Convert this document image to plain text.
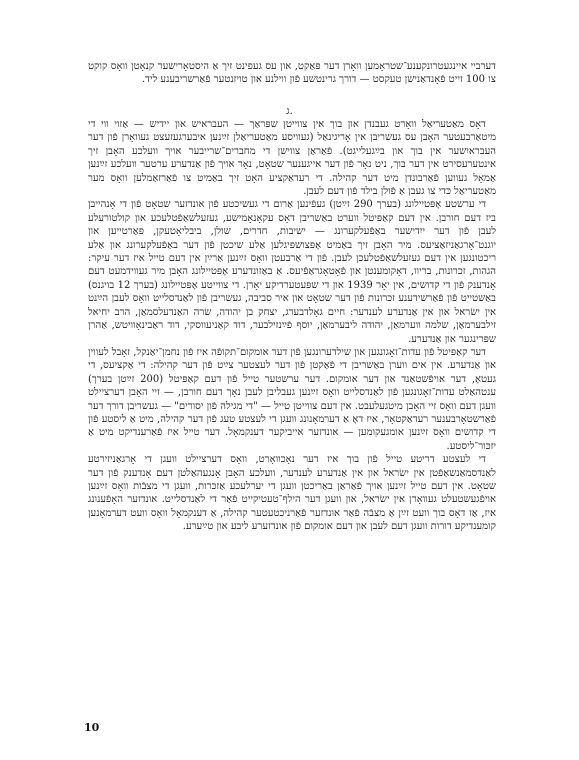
דערביי איינגעטרונקענע־שטראָמען וואָרן דער פּאַקט, און עס געפינט זיך אַ היסטאָרישער קנאָטן וואָס קוקט צו 100 זייט פֿאָנדאַנישן טעקסט — דורך גרינטשע פֿון ווילנע און טויזנטער פֿאַרשריבענע ליד.

ג.

דאָס מאַטעריאַל וואָרט געבנדן און בוך אין צווייטן שפּראַך — העבראיש און יידיש — אַזוי ווי די מיטאַרבעטער האָבן עס געשריבן אין אָריגינאַל (געוויסע מאַטעריאַלן זײַנען איבערגעזעצט געוואָרן פֿון דער העבראיִשער אין בוך און בײַגעלייגט). פֿאַראַן צווישן די מחברים־שרייבער אויך וועלכע האָבן זיך אינטערעסירט אין דער בוך, ניט נאָר פֿון דער אייגענער שטאָט, נאָר אויך פֿון אַנדערע ערטער וועלכע זײַנען אַמאָל געווען פֿאַרבונדן מיט דער קהילה. די רעדאַקציע האָט זיך באַמיט צו פֿאַרזאַמלען וואָס מער מאַטעריאַל כּדי צו געבן אַ פֿולן בילד פֿון דעם לעבן.

די ערשטע אָפּטיילונג (בערך 290 זײַטן) געפֿינען אַרום די געשיכטע פֿון אונדזער שטאָט פֿון די אָנהייבן ביז דעם חורבן. אין דעם קאַפּיטל ווערט באַשריבן דאָס עקאָנאָמישע, געזעלשאַפֿטלעכע און קולטורעלע לעבן פֿון דער ייִדישער באַפֿעלקערונג — ישיבות, חדרים, שולן, ביבליאָטעקן, פּאַרטייען און יוגנט־אָרגאַניזאַציעס. מיר האָבן זיך באַמיט אָפּצושפּיגלען אַלע שיכטן פֿון דער באַפֿעלקערונג און אַלע ריכטונגען אין דעם געזעלשאַפֿטלעכן לעבן. פֿון די אַרבעטן וואָס זײַנען אַרײַן אין דעם טייל איז דער עיקר: הגהות, זכרונות, בריוו, דאָקומענטן און פֿאָטאָגראַפֿיעס. אַ באַזונדערע אָפּטיילונג האָבן מיר געווידמעט דעם אָנדענק פֿון די קדושים, אין יאָר 1939 און די שפּעטערדיקע יאָרן. די צווייטע אָפּטיילונג (בערך 12 בויגנס) באַשטייט פֿון פֿאַרשידענע זכרונות פֿון דער שטאָט און איר סביבה, געשריבן פֿון לאַנדסלייט וואָס לעבן הײַנט אין ישׂראל און אין אַנדערע לענדער: חיים גאָלדבערג, יצחק בן יהודה, שׂרה האַנדעלסמאַן, הרב יחיאל זילבערמאַן, שלמה ווערמאַן, יהודה ליבערמאַן, יוסף פֿײַנזילבער, דוד קאַניעווסקי, דוד ראַבינאָוויטש, אַהרן שפּרינגער און אַנדערע.

דער קאַפּיטל פֿון עדות־זאָגונגען און שילדערונגען פֿון דער אומקום־תקופֿה איז פֿון נחמן־יאַנקל, זאָבל לעווין און אַנדערע. אין אים ווערן באַשריבן די פֿאַקטן פֿון דער לעצטער צײַט פֿון דער קהילה: די אַקציעס, די געטאָ, דער אויפֿשטאַנד און דער אומקום. דער ערשטער טייל פֿון דעם קאַפּיטל (200 זײַטן בערך) ענטהאַלט עדות־זאָגונגען פֿון לאַנדסלייט וואָס זײַנען געבליבן לעבן נאָך דעם חורבן, — זיי האָבן דערציילט וועגן דעם וואָס זיי האָבן מיטגעלעבט. אין דעם צווייטן טייל — "די מגילה פֿון יסורים" — געשריבן דורך דער פֿאַרשטאָרבענער רעדאַקטאָר, איז דאָ אַ דערמאָנונג וועגן די לעצטע טעג פֿון דער קהילה, מיט אַ ליסטע פֿון די קדושים וואָס זײַנען אומגעקומען — אונדזער אייביקער דענקמאָל. דער טייל איז פֿאַרענדיקט מיט אַ יזכּור־ליסטע.

די לעצטע דריטע טייל פֿון בוך איז דער נאָכוואָרט, וואָס דערציילט וועגן די אָרגאַניזירטע לאַנדסמאַנשאַפֿטן אין ישׂראל און אין אַנדערע לענדער, וועלכע האָבן אָנגעהאַלטן דעם אָנדענק פֿון דער שטאָט. אין דעם טייל זײַנען אויך פֿאַראַן באַריכטן וועגן די יערלעכע אַזכּרות, וועגן די מצבֿות וואָס זײַנען אויפֿגעשטעלט געוואָרן אין ישׂראל, און וועגן דער הילף־טעטיקייט פֿאַר די לאַנדסלייט. אונדזער האָפֿענונג איז, אַז דאָס בוך וועט זײַן אַ מצבֿה פֿאַר אונדזער פֿאַרניכטעטער קהילה, אַ דענקמאָל וואָס וועט דערמאָנען קומענדיקע דורות וועגן דעם לעבן און דעם אומקום פֿון אונדזערע ליבע און טײַערע.

10
